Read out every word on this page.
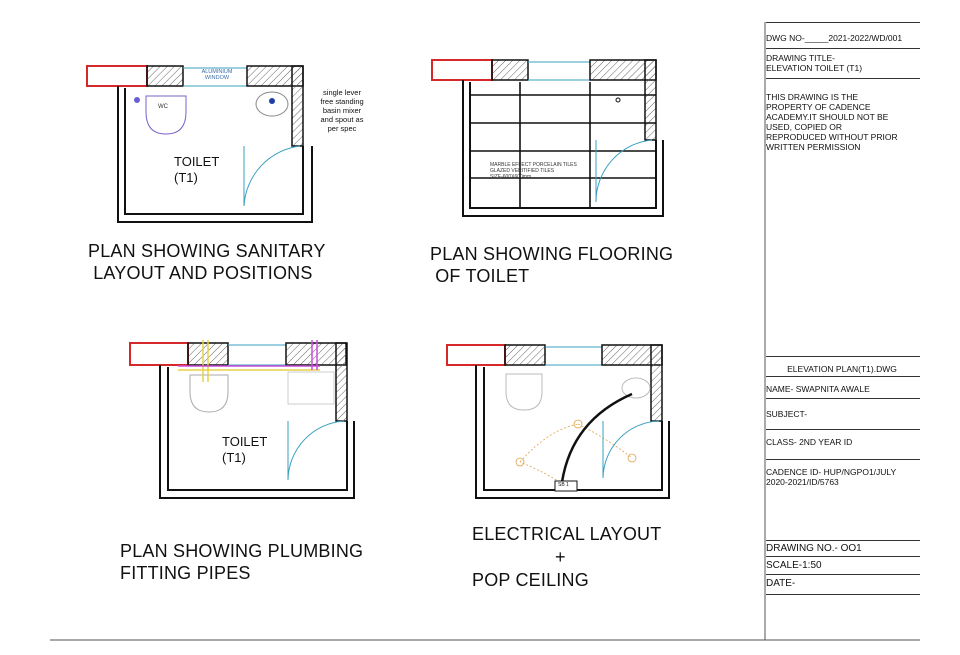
ALUMINIUM WINDOW
WC
single lever free standing basin mixer and spout as per spec
TOILET
(T1)
PLAN SHOWING SANITARY
LAYOUT AND POSITIONS
MARBLE EFFECT PORCELAIN TILES
GLAZED VERITIFIED TILES
SIZE-600X600mm
PLAN SHOWING FLOORING
OF TOILET
TOILET
(T1)
PLAN SHOWING PLUMBING
FITTING PIPES
SB 1
ELECTRICAL LAYOUT
+
POP CEILING
DWG NO-_____2021-2022/WD/001
DRAWING TITLE-
ELEVATION TOILET (T1)
THIS DRAWING IS THE
PROPERTY OF CADENCE
ACADEMY.IT SHOULD NOT BE
USED, COPIED OR
REPRODUCED WITHOUT PRIOR
WRITTEN PERMISSION
ELEVATION PLAN(T1).DWG
NAME- SWAPNITA AWALE
SUBJECT-
CLASS- 2ND YEAR ID
CADENCE ID- HUP/NGPO1/JULY
2020-2021/ID/5763
DRAWING NO.- OO1
SCALE-1:50
DATE-
